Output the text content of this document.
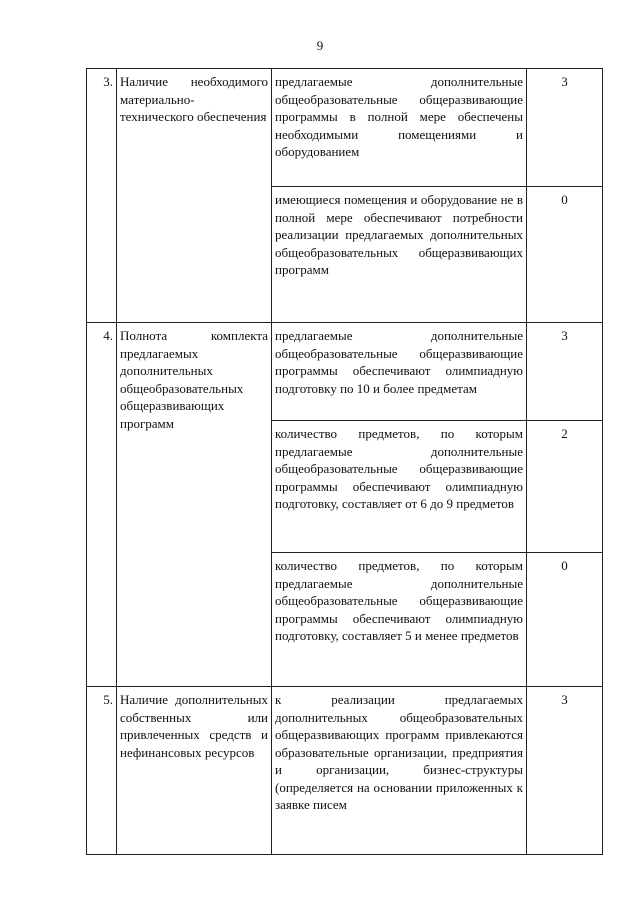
9
3.	Наличие необходимого материально-технического обеспечения	предлагаемые дополнительные общеобразовательные общеразвивающие программы в полной мере обеспечены необходимыми помещениями и оборудованием	3
		имеющиеся помещения и оборудование не в полной мере обеспечивают потребности реализации предлагаемых дополнительных общеобразовательных общеразвивающих программ	0
4.	Полнота комплекта предлагаемых дополнительных общеобразовательных общеразвивающих программ	предлагаемые дополнительные общеобразовательные общеразвивающие программы обеспечивают олимпиадную подготовку по 10 и более предметам	3
		количество предметов, по которым предлагаемые дополнительные общеобразовательные общеразвивающие программы обеспечивают олимпиадную подготовку, составляет от 6 до 9 предметов	2
		количество предметов, по которым предлагаемые дополнительные общеобразовательные общеразвивающие программы обеспечивают олимпиадную подготовку, составляет 5 и менее предметов	0
5.	Наличие дополнительных собственных или привлеченных средств и нефинансовых ресурсов	к реализации предлагаемых дополнительных общеобразовательных общеразвивающих программ привлекаются образовательные организации, предприятия и организации, бизнес-структуры (определяется на основании приложенных к заявке писем	3
